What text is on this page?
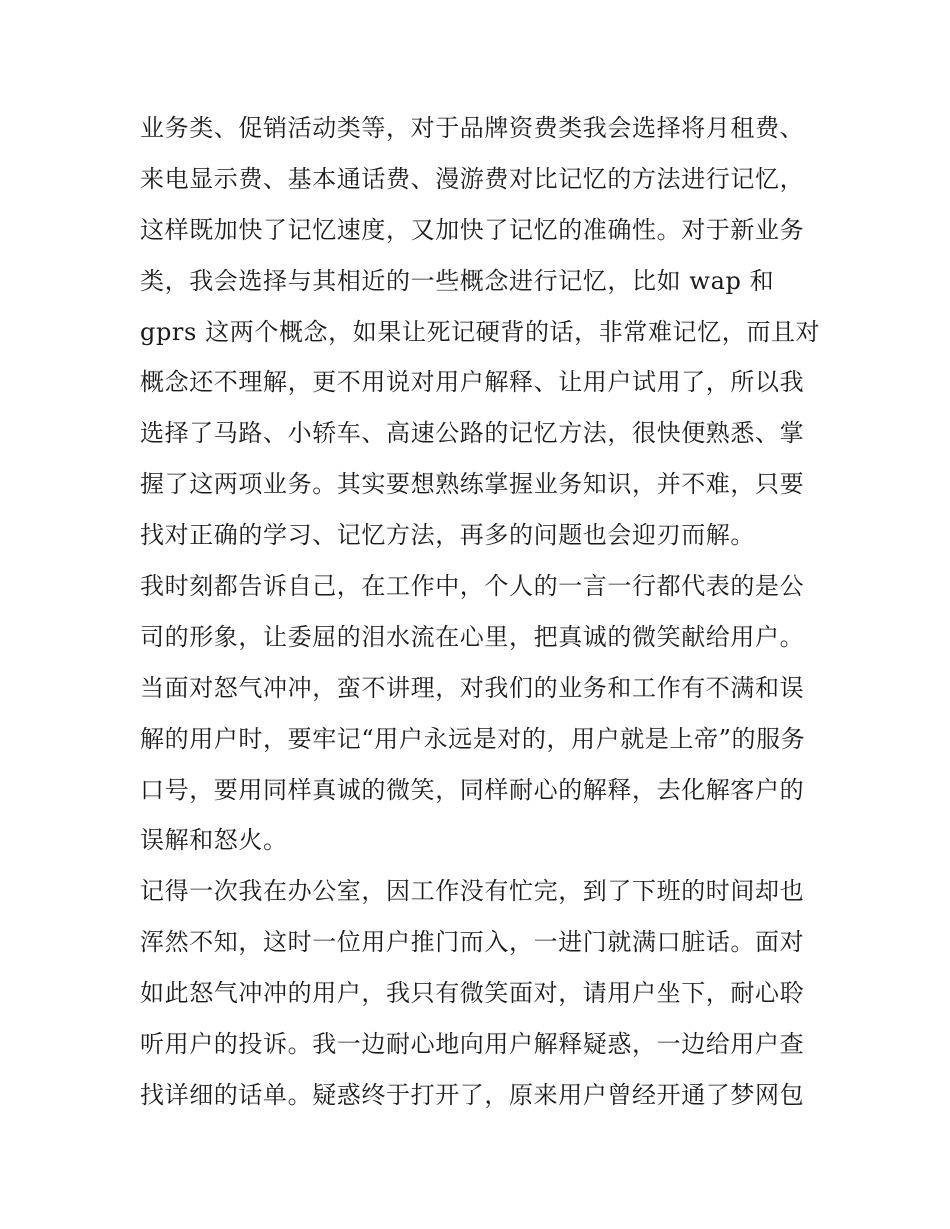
业务类、促销活动类等，对于品牌资费类我会选择将月租费、
来电显示费、基本通话费、漫游费对比记忆的方法进行记忆，
这样既加快了记忆速度，又加快了记忆的准确性。对于新业务
类，我会选择与其相近的一些概念进行记忆，比如 wap 和
gprs 这两个概念，如果让死记硬背的话，非常难记忆，而且对
概念还不理解，更不用说对用户解释、让用户试用了，所以我
选择了马路、小轿车、高速公路的记忆方法，很快便熟悉、掌
握了这两项业务。其实要想熟练掌握业务知识，并不难，只要
找对正确的学习、记忆方法，再多的问题也会迎刃而解。
我时刻都告诉自己，在工作中，个人的一言一行都代表的是公
司的形象，让委屈的泪水流在心里，把真诚的微笑献给用户。
当面对怒气冲冲，蛮不讲理，对我们的业务和工作有不满和误
解的用户时，要牢记“用户永远是对的，用户就是上帝”的服务
口号，要用同样真诚的微笑，同样耐心的解释，去化解客户的
误解和怒火。
记得一次我在办公室，因工作没有忙完，到了下班的时间却也
浑然不知，这时一位用户推门而入，一进门就满口脏话。面对
如此怒气冲冲的用户，我只有微笑面对，请用户坐下，耐心聆
听用户的投诉。我一边耐心地向用户解释疑惑，一边给用户查
找详细的话单。疑惑终于打开了，原来用户曾经开通了梦网包
